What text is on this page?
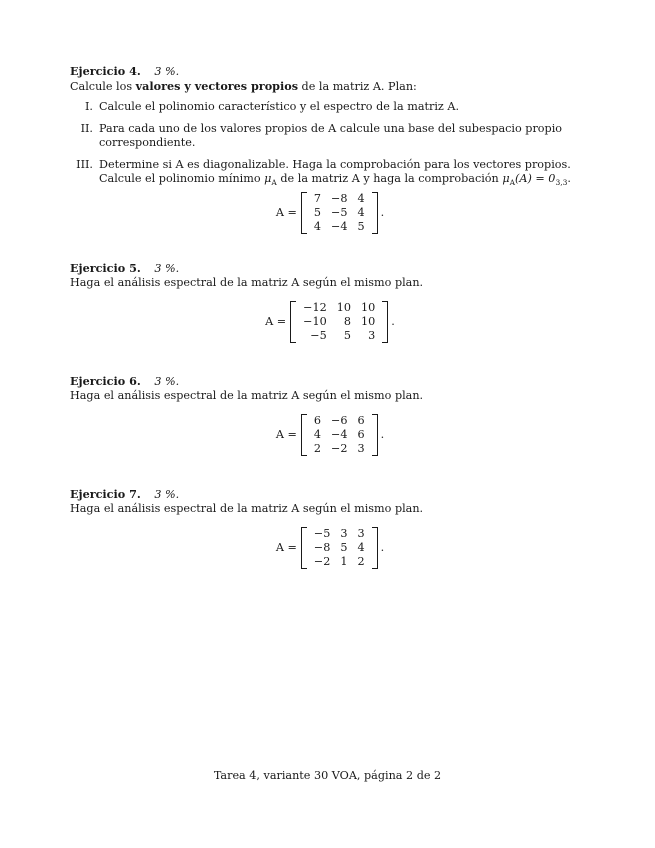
Ejercicio 4. 3 %.
Calcule los valores y vectores propios de la matriz A. Plan:
I. Calcule el polinomio característico y el espectro de la matriz A.
II. Para cada uno de los valores propios de A calcule una base del subespacio propio correspondiente.
III. Determine si A es diagonalizable. Haga la comprobación para los vectores propios. Calcule el polinomio mínimo $\mu_A$ de la matriz A y haga la comprobación $\mu_A(A) = 0_{3,3}$.
Ejercicio 5. 3 %.
Haga el análisis espectral de la matriz A según el mismo plan.
Ejercicio 6. 3 %.
Haga el análisis espectral de la matriz A según el mismo plan.
Ejercicio 7. 3 %.
Haga el análisis espectral de la matriz A según el mismo plan.
A =
7	−8	4
5	−5	4
4	−4	5
.
A =
−12	10	10
−10	8	10
−5	5	3
.
A =
6	−6	6
4	−4	6
2	−2	3
.
A =
−5	3	3
−8	5	4
−2	1	2
.
Tarea 4, variante 30 VOA, página 2 de 2
